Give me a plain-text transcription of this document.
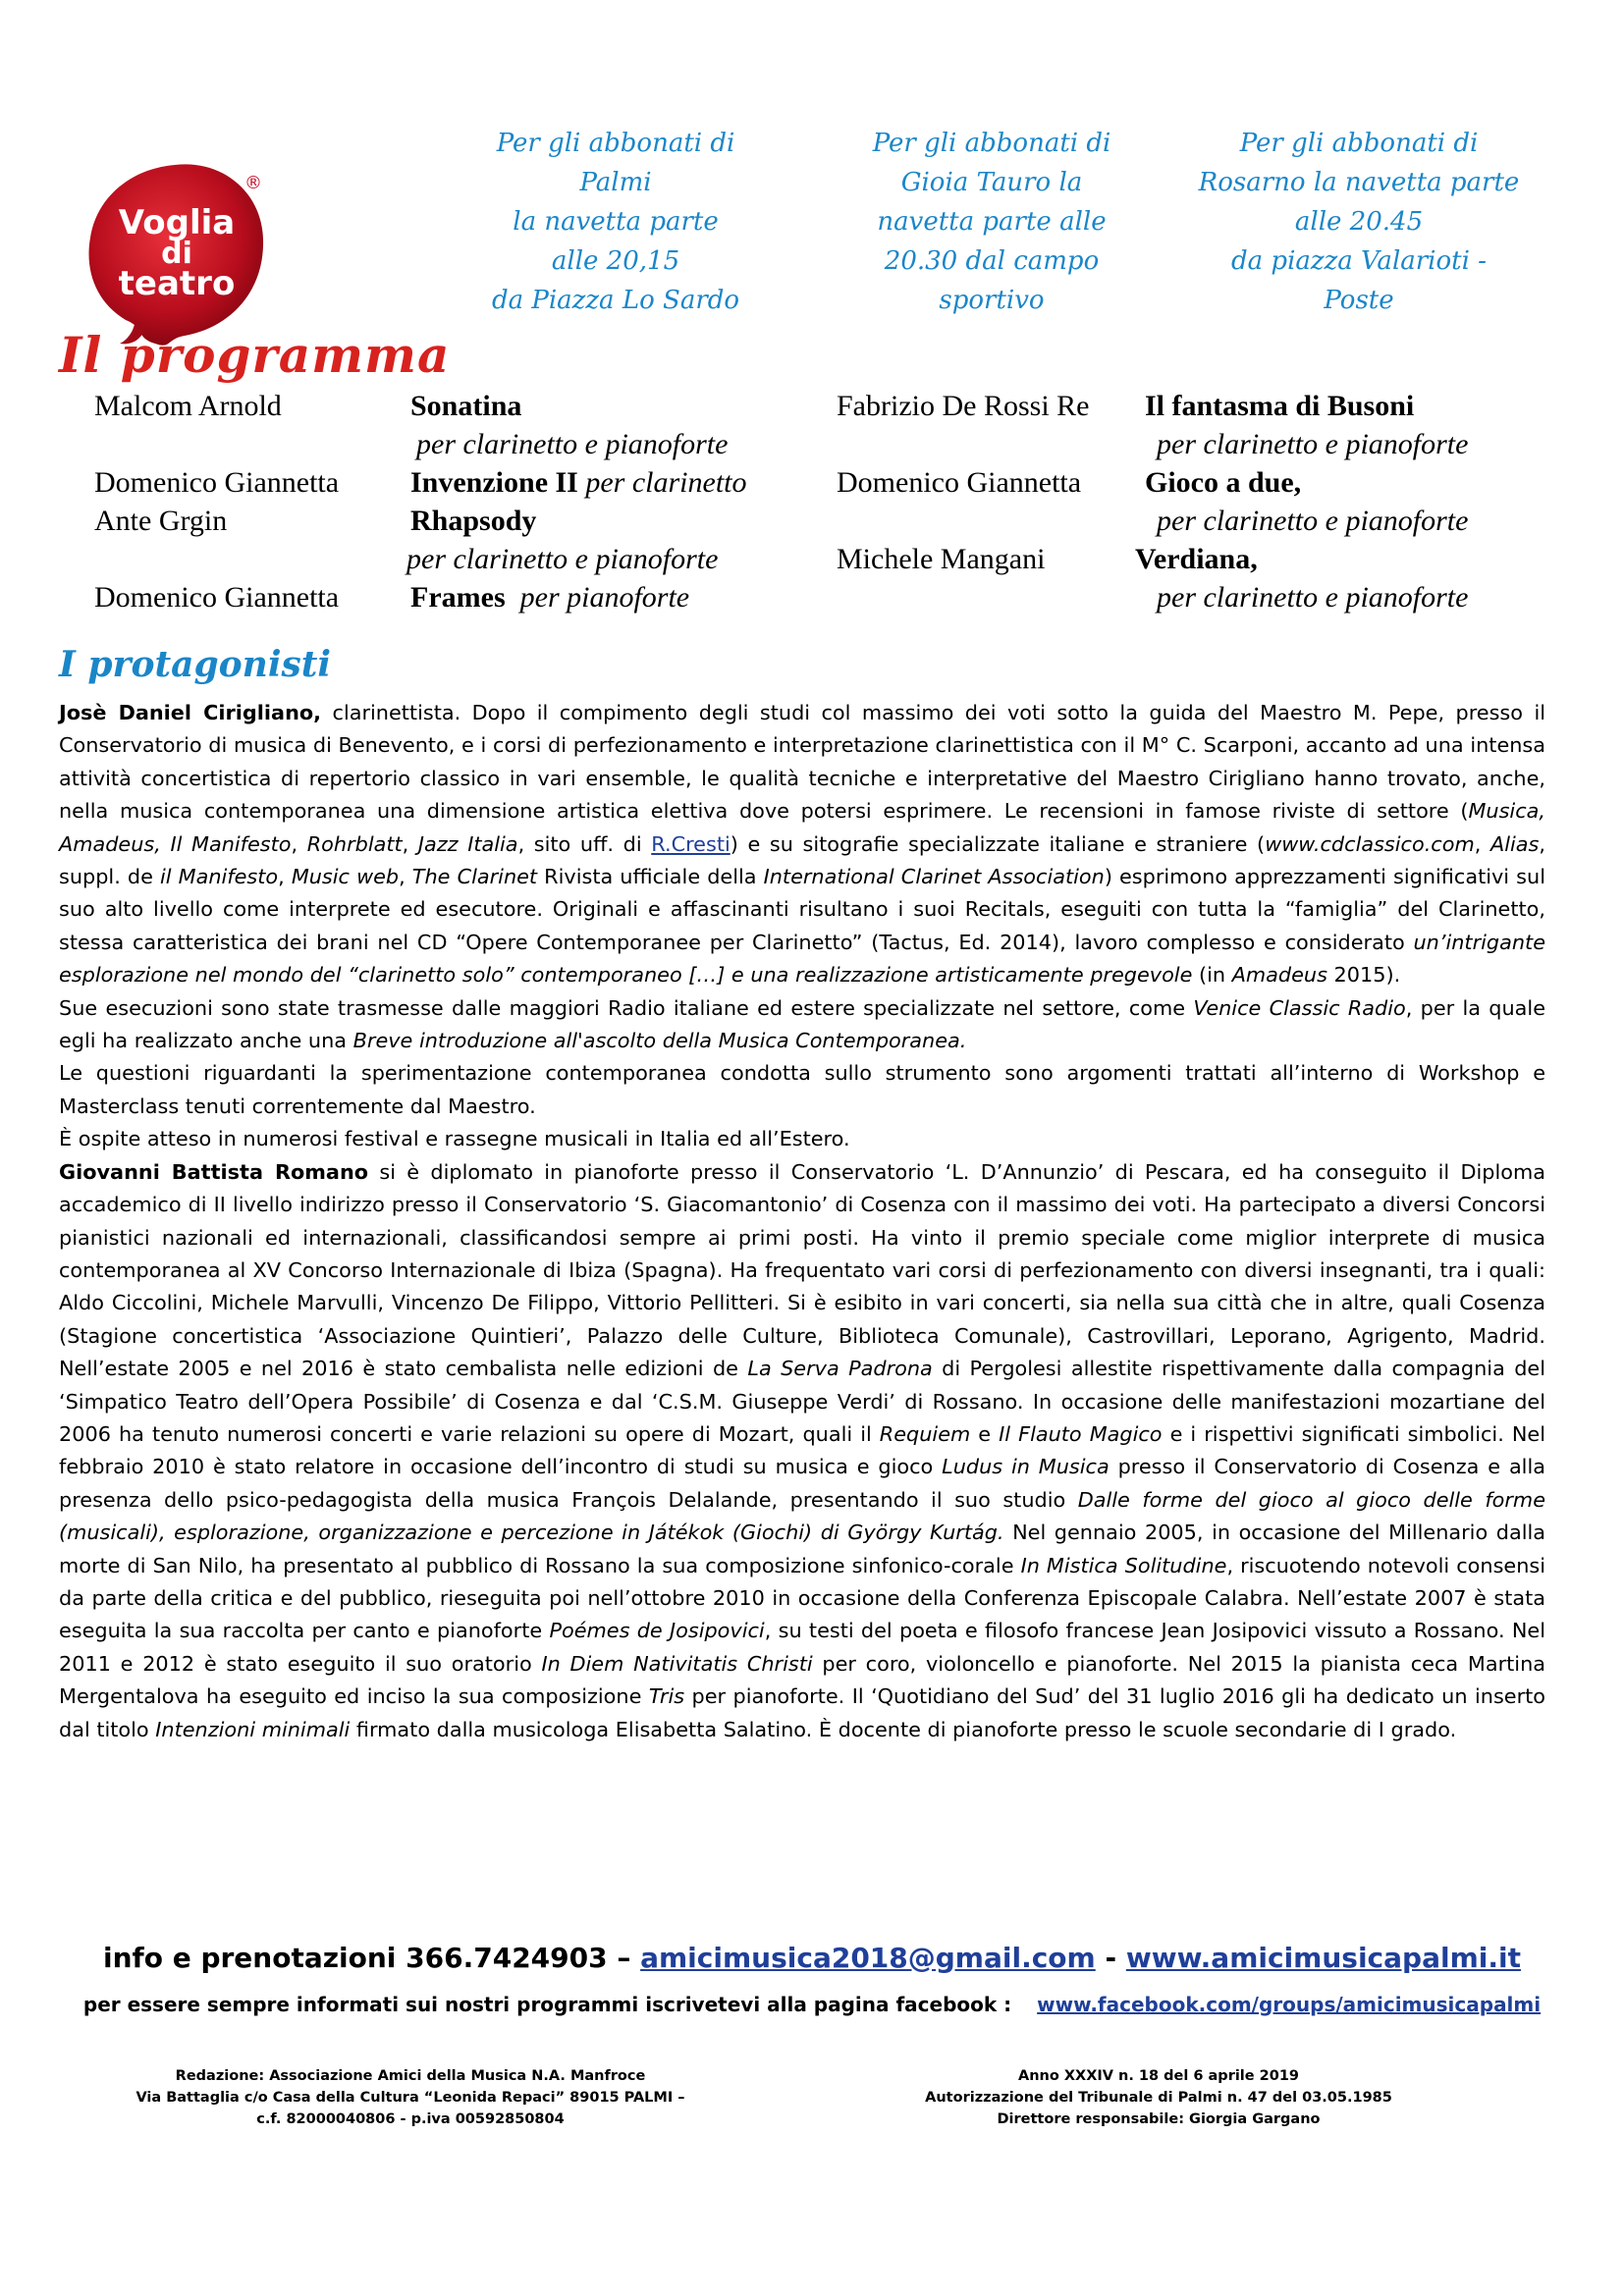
Voglia
di
teatro
®
Per gli abbonati di
Palmi
la navetta parte
alle 20,15
da Piazza Lo Sardo
Per gli abbonati di
Gioia Tauro la
navetta parte alle
20.30 dal campo
sportivo
Per gli abbonati di
Rosarno la navetta parte
alle 20.45
da piazza Valarioti -
Poste
Il programma
Malcom Arnold	Sonatina
per clarinetto e pianoforte
Domenico Giannetta Invenzione II per clarinetto
Ante Grgin	Rhapsody
per clarinetto e pianoforte
Domenico Giannetta Frames per pianoforte
Fabrizio De Rossi Re Il fantasma di Busoni
per clarinetto e pianoforte
Domenico Giannetta Gioco a due,
per clarinetto e pianoforte
Michele Mangani	Verdiana,
per clarinetto e pianoforte
I protagonisti

Josè Daniel Cirigliano, clarinettista. Dopo il compimento degli studi col massimo dei voti sotto la guida del Maestro M. Pepe, presso il Conservatorio di musica di Benevento, e i corsi di perfezionamento e interpretazione clarinettistica con il M° C. Scarponi, accanto ad una intensa attività concertistica di repertorio classico in vari ensemble, le qualità tecniche e interpretative del Maestro Cirigliano hanno trovato, anche, nella musica contemporanea una dimensione artistica elettiva dove potersi esprimere. Le recensioni in famose riviste di settore (Musica, Amadeus, Il Manifesto, Rohrblatt, Jazz Italia, sito uff. di R.Cresti) e su sitografie specializzate italiane e straniere (www.cdclassico.com, Alias, suppl. de il Manifesto, Music web, The Clarinet Rivista ufficiale della International Clarinet Association) esprimono apprezzamenti significativi sul suo alto livello come interprete ed esecutore. Originali e affascinanti risultano i suoi Recitals, eseguiti con tutta la “famiglia” del Clarinetto, stessa caratteristica dei brani nel CD “Opere Contemporanee per Clarinetto” (Tactus, Ed. 2014), lavoro complesso e considerato un’intrigante esplorazione nel mondo del “clarinetto solo” contemporaneo […] e una realizzazione artisticamente pregevole (in Amadeus 2015).

Sue esecuzioni sono state trasmesse dalle maggiori Radio italiane ed estere specializzate nel settore, come Venice Classic Radio, per la quale egli ha realizzato anche una Breve introduzione all'ascolto della Musica Contemporanea.

Le questioni riguardanti la sperimentazione contemporanea condotta sullo strumento sono argomenti trattati all’interno di Workshop e Masterclass tenuti correntemente dal Maestro.

È ospite atteso in numerosi festival e rassegne musicali in Italia ed all’Estero.

Giovanni Battista Romano si è diplomato in pianoforte presso il Conservatorio ‘L. D’Annunzio’ di Pescara, ed ha conseguito il Diploma accademico di II livello indirizzo presso il Conservatorio ‘S. Giacomantonio’ di Cosenza con il massimo dei voti. Ha partecipato a diversi Concorsi pianistici nazionali ed internazionali, classificandosi sempre ai primi posti. Ha vinto il premio speciale come miglior interprete di musica contemporanea al XV Concorso Internazionale di Ibiza (Spagna). Ha frequentato vari corsi di perfezionamento con diversi insegnanti, tra i quali: Aldo Ciccolini, Michele Marvulli, Vincenzo De Filippo, Vittorio Pellitteri. Si è esibito in vari concerti, sia nella sua città che in altre, quali Cosenza (Stagione concertistica ‘Associazione Quintieri’, Palazzo delle Culture, Biblioteca Comunale), Castrovillari, Leporano, Agrigento, Madrid. Nell’estate 2005 e nel 2016 è stato cembalista nelle edizioni de La Serva Padrona di Pergolesi allestite rispettivamente dalla compagnia del ‘Simpatico Teatro dell’Opera Possibile’ di Cosenza e dal ‘C.S.M. Giuseppe Verdi’ di Rossano. In occasione delle manifestazioni mozartiane del 2006 ha tenuto numerosi concerti e varie relazioni su opere di Mozart, quali il Requiem e Il Flauto Magico e i rispettivi significati simbolici. Nel febbraio 2010 è stato relatore in occasione dell’incontro di studi su musica e gioco Ludus in Musica presso il Conservatorio di Cosenza e alla presenza dello psico-pedagogista della musica François Delalande, presentando il suo studio Dalle forme del gioco al gioco delle forme (musicali), esplorazione, organizzazione e percezione in Játékok (Giochi) di György Kurtág. Nel gennaio 2005, in occasione del Millenario dalla morte di San Nilo, ha presentato al pubblico di Rossano la sua composizione sinfonico-corale In Mistica Solitudine, riscuotendo notevoli consensi da parte della critica e del pubblico, rieseguita poi nell’ottobre 2010 in occasione della Conferenza Episcopale Calabra. Nell’estate 2007 è stata eseguita la sua raccolta per canto e pianoforte Poémes de Josipovici, su testi del poeta e filosofo francese Jean Josipovici vissuto a Rossano. Nel 2011 e 2012 è stato eseguito il suo oratorio In Diem Nativitatis Christi per coro, violoncello e pianoforte. Nel 2015 la pianista ceca Martina Mergentalova ha eseguito ed inciso la sua composizione Tris per pianoforte. Il ‘Quotidiano del Sud’ del 31 luglio 2016 gli ha dedicato un inserto dal titolo Intenzioni minimali firmato dalla musicologa Elisabetta Salatino. È docente di pianoforte presso le scuole secondarie di I grado.

info e prenotazioni 366.7424903 – amicimusica2018@gmail.com - www.amicimusicapalmi.it
per essere sempre informati sui nostri programmi iscrivetevi alla pagina facebook : www.facebook.com/groups/amicimusicapalmi
Redazione: Associazione Amici della Musica N.A. Manfroce
Via Battaglia c/o Casa della Cultura “Leonida Repaci” 89015 PALMI –
c.f. 82000040806 - p.iva 00592850804
Anno XXXIV n. 18 del 6 aprile 2019
Autorizzazione del Tribunale di Palmi n. 47 del 03.05.1985
Direttore responsabile: Giorgia Gargano
